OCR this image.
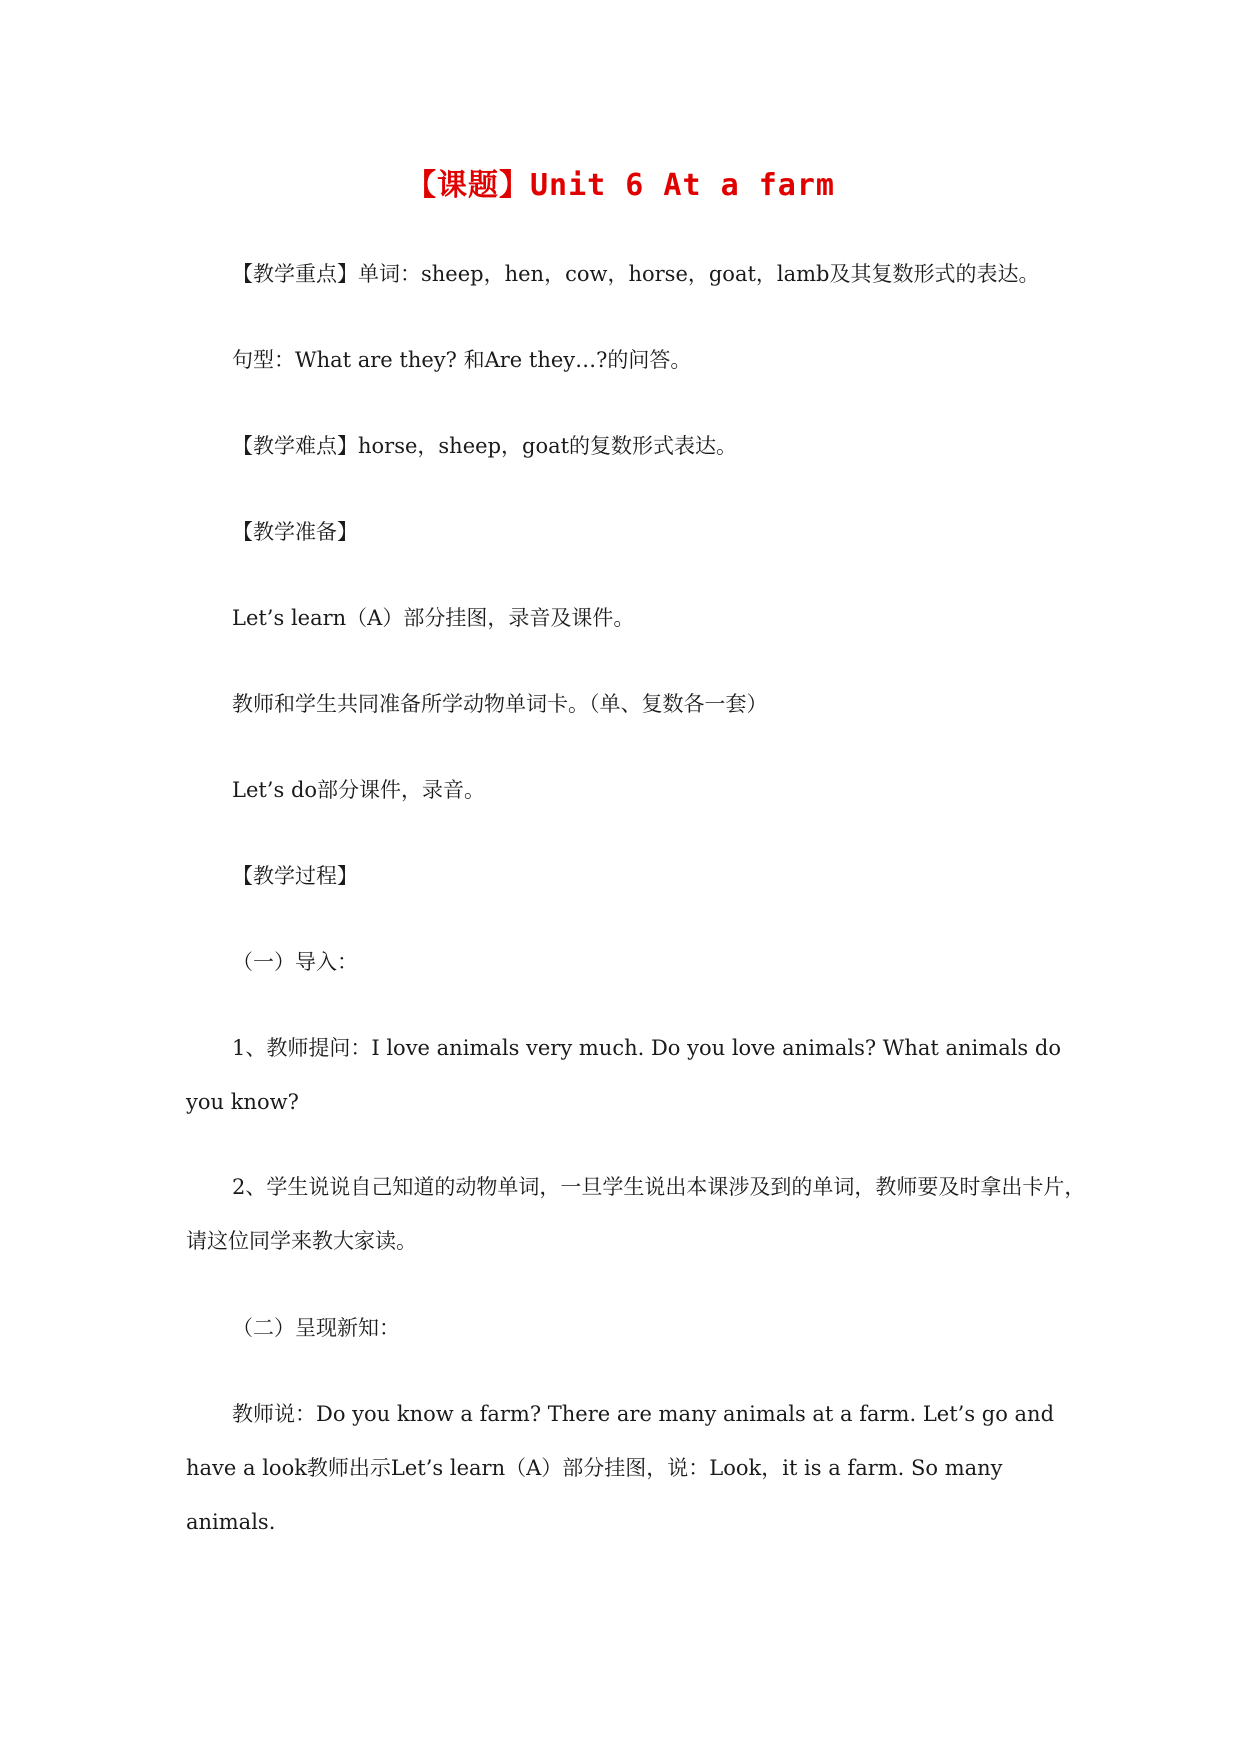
【课题】Unit 6 At a farm
【教学重点】单词：sheep，hen，cow，horse，goat，lamb及其复数形式的表达。
句型：What are they? 和Are they…?的问答。
【教学难点】horse，sheep，goat的复数形式表达。
【教学准备】
Let’s learn（A）部分挂图，录音及课件。
教师和学生共同准备所学动物单词卡。（单、复数各一套）
Let’s do部分课件，录音。
【教学过程】
（一）导入：
1、教师提问：I love animals very much. Do you love animals? What animals do you know?
2、学生说说自己知道的动物单词，一旦学生说出本课涉及到的单词，教师要及时拿出卡片，请这位同学来教大家读。
（二）呈现新知：
教师说：Do you know a farm? There are many animals at a farm. Let’s go and have a look教师出示Let’s learn（A）部分挂图，说：Look，it is a farm. So many animals.
